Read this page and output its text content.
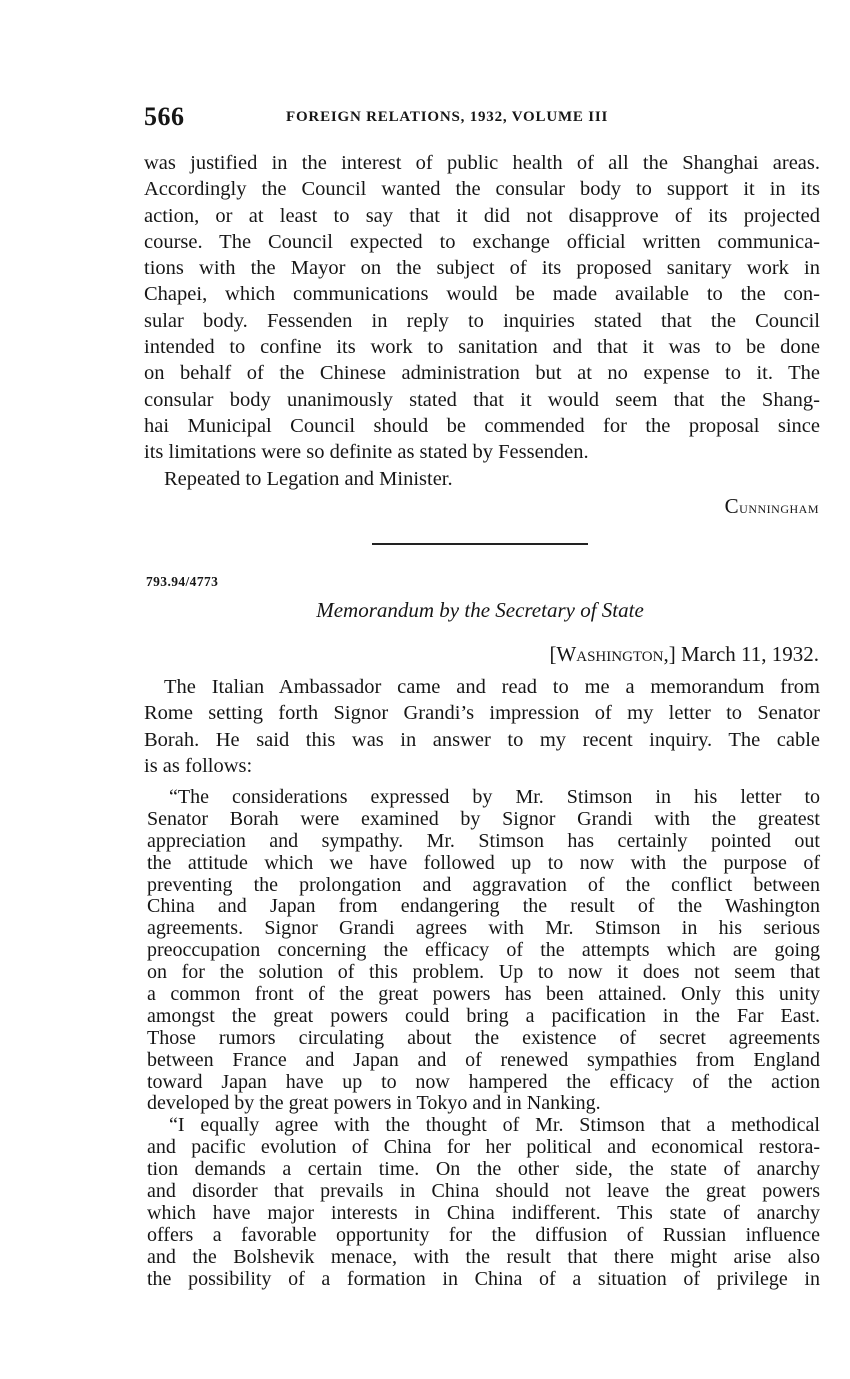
566	FOREIGN RELATIONS, 1932, VOLUME III
was justified in the interest of public health of all the Shanghai areas.
Accordingly the Council wanted the consular body to support it in its
action, or at least to say that it did not disapprove of its projected
course. The Council expected to exchange official written communica-
tions with the Mayor on the subject of its proposed sanitary work in
Chapei, which communications would be made available to the con-
sular body. Fessenden in reply to inquiries stated that the Council
intended to confine its work to sanitation and that it was to be done
on behalf of the Chinese administration but at no expense to it. The
consular body unanimously stated that it would seem that the Shang-
hai Municipal Council should be commended for the proposal since
its limitations were so definite as stated by Fessenden.
Repeated to Legation and Minister.
Cunningham
793.94/4773
Memorandum by the Secretary of State
[Washington,] March 11, 1932.
The Italian Ambassador came and read to me a memorandum from
Rome setting forth Signor Grandi’s impression of my letter to Senator
Borah. He said this was in answer to my recent inquiry. The cable
is as follows:
“The considerations expressed by Mr. Stimson in his letter to
Senator Borah were examined by Signor Grandi with the greatest
appreciation and sympathy. Mr. Stimson has certainly pointed out
the attitude which we have followed up to now with the purpose of
preventing the prolongation and aggravation of the conflict between
China and Japan from endangering the result of the Washington
agreements. Signor Grandi agrees with Mr. Stimson in his serious
preoccupation concerning the efficacy of the attempts which are going
on for the solution of this problem. Up to now it does not seem that
a common front of the great powers has been attained. Only this unity
amongst the great powers could bring a pacification in the Far East.
Those rumors circulating about the existence of secret agreements
between France and Japan and of renewed sympathies from England
toward Japan have up to now hampered the efficacy of the action
developed by the great powers in Tokyo and in Nanking.
“I equally agree with the thought of Mr. Stimson that a methodical
and pacific evolution of China for her political and economical restora-
tion demands a certain time. On the other side, the state of anarchy
and disorder that prevails in China should not leave the great powers
which have major interests in China indifferent. This state of anarchy
offers a favorable opportunity for the diffusion of Russian influence
and the Bolshevik menace, with the result that there might arise also
the possibility of a formation in China of a situation of privilege in
